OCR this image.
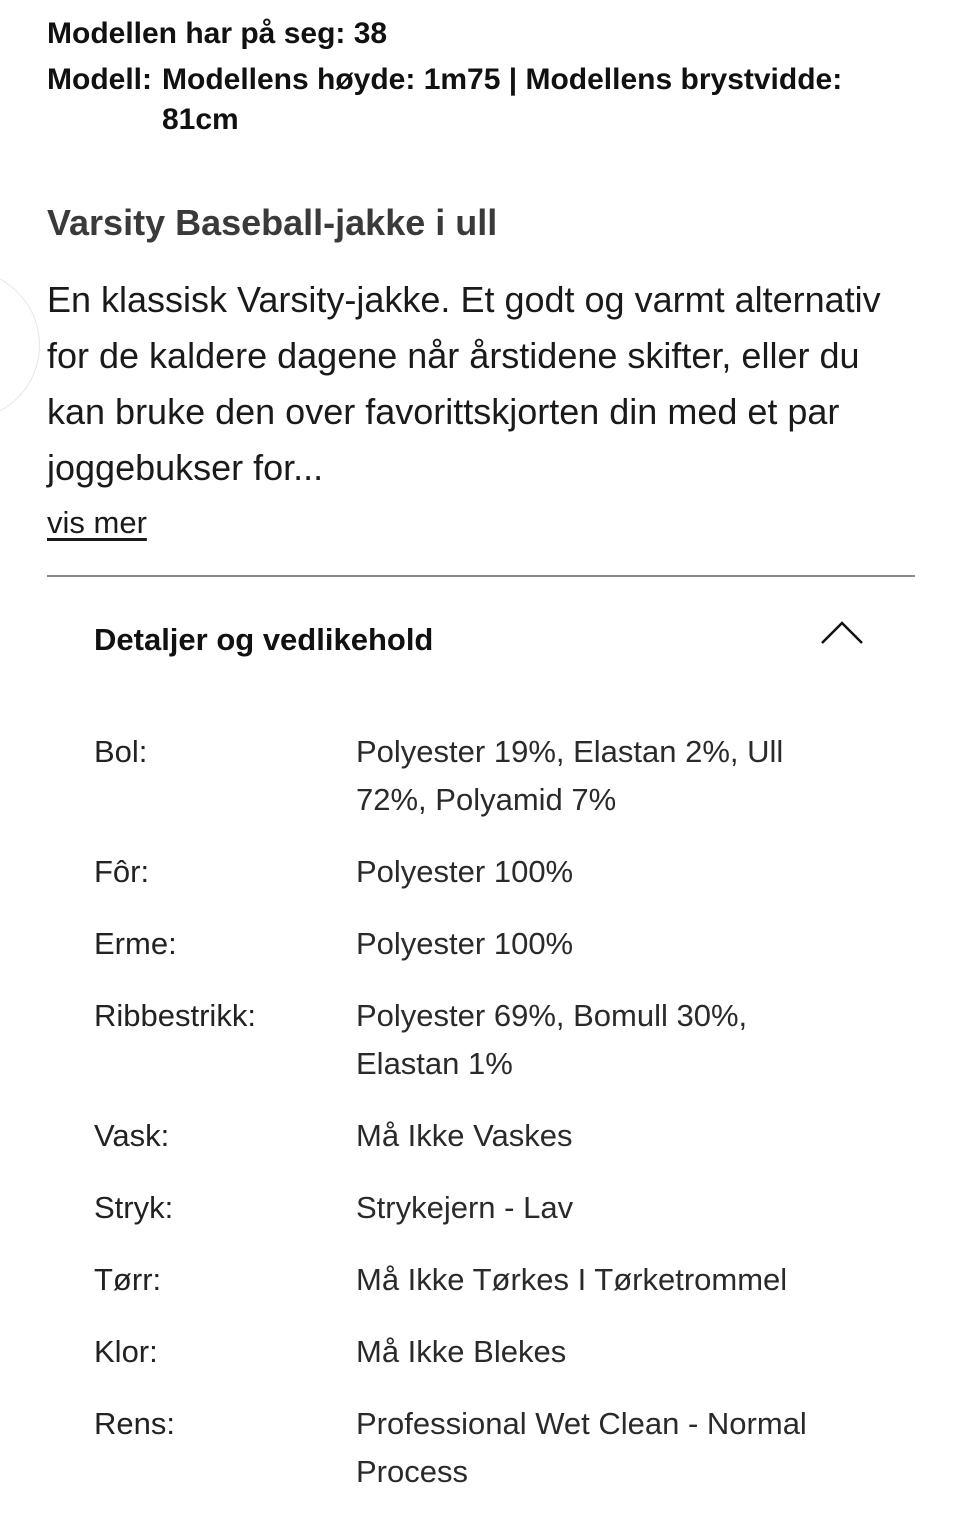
Modellen har på seg: 38
Modell: Modellens høyde: 1m75 | Modellens brystvidde: 81cm
Varsity Baseball-jakke i ull
En klassisk Varsity-jakke. Et godt og varmt alternativ for de kaldere dagene når årstidene skifter, eller du kan bruke den over favorittskjorten din med et par joggebukser for...
vis mer
Detaljer og vedlikehold
Bol:	Polyester 19%, Elastan 2%, Ull 72%, Polyamid 7%
Fôr:	Polyester 100%
Erme:	Polyester 100%
Ribbestrikk:	Polyester 69%, Bomull 30%, Elastan 1%
Vask:	Må Ikke Vaskes
Stryk:	Strykejern - Lav
Tørr:	Må Ikke Tørkes I Tørketrommel
Klor:	Må Ikke Blekes
Rens:	Professional Wet Clean - Normal Process
